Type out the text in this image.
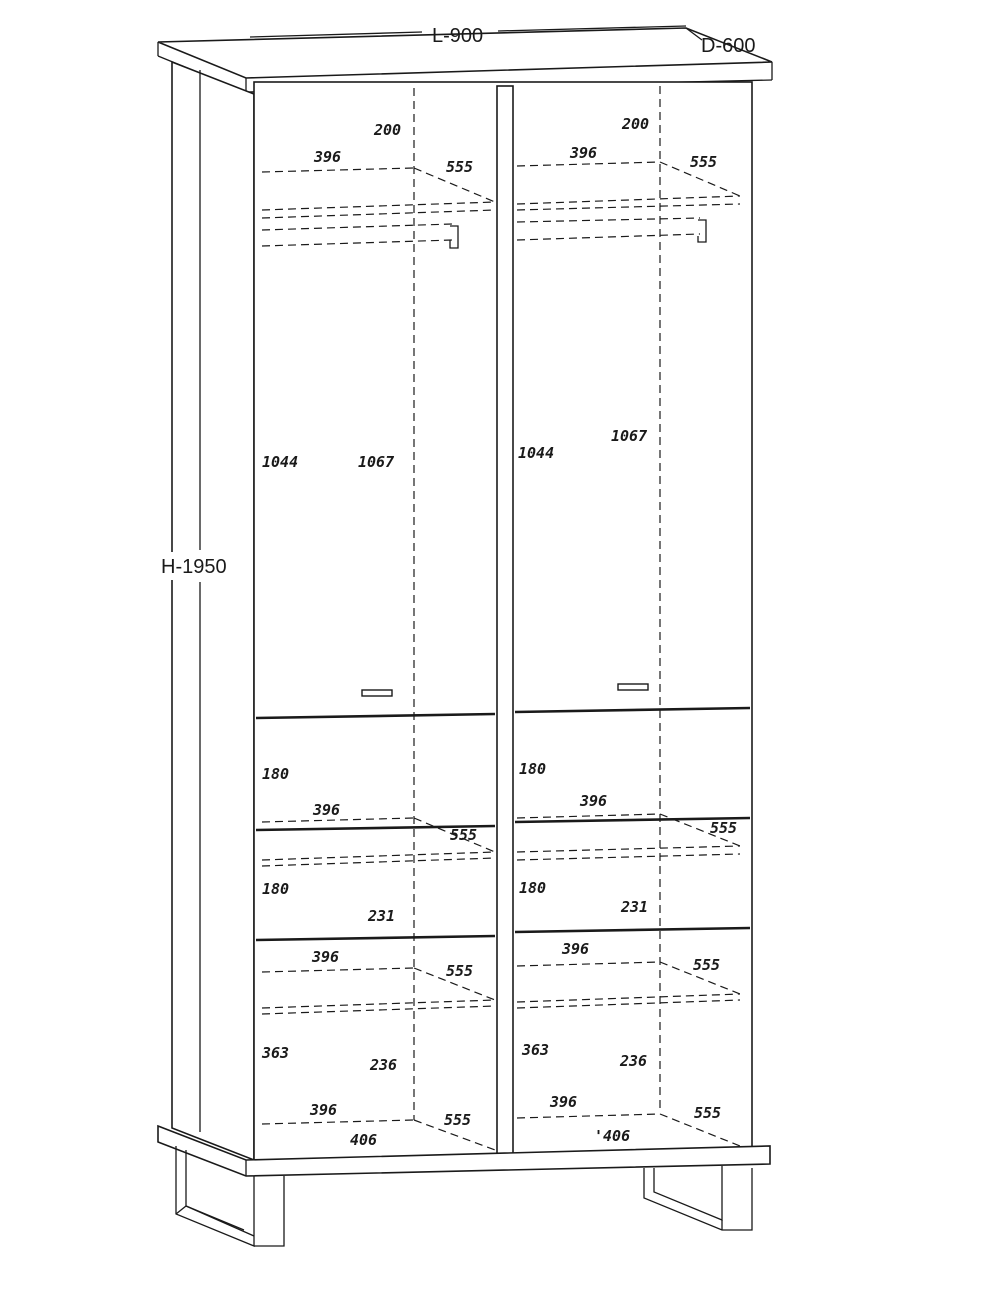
L-900	D-600
H-1950
200
396
555
1044	1067
180
396
555
180
231
396
555
363
236
396
555
406
200
396	555
1044
1067
180
396
555
180
231
396
555
363
236
396
555
'406
